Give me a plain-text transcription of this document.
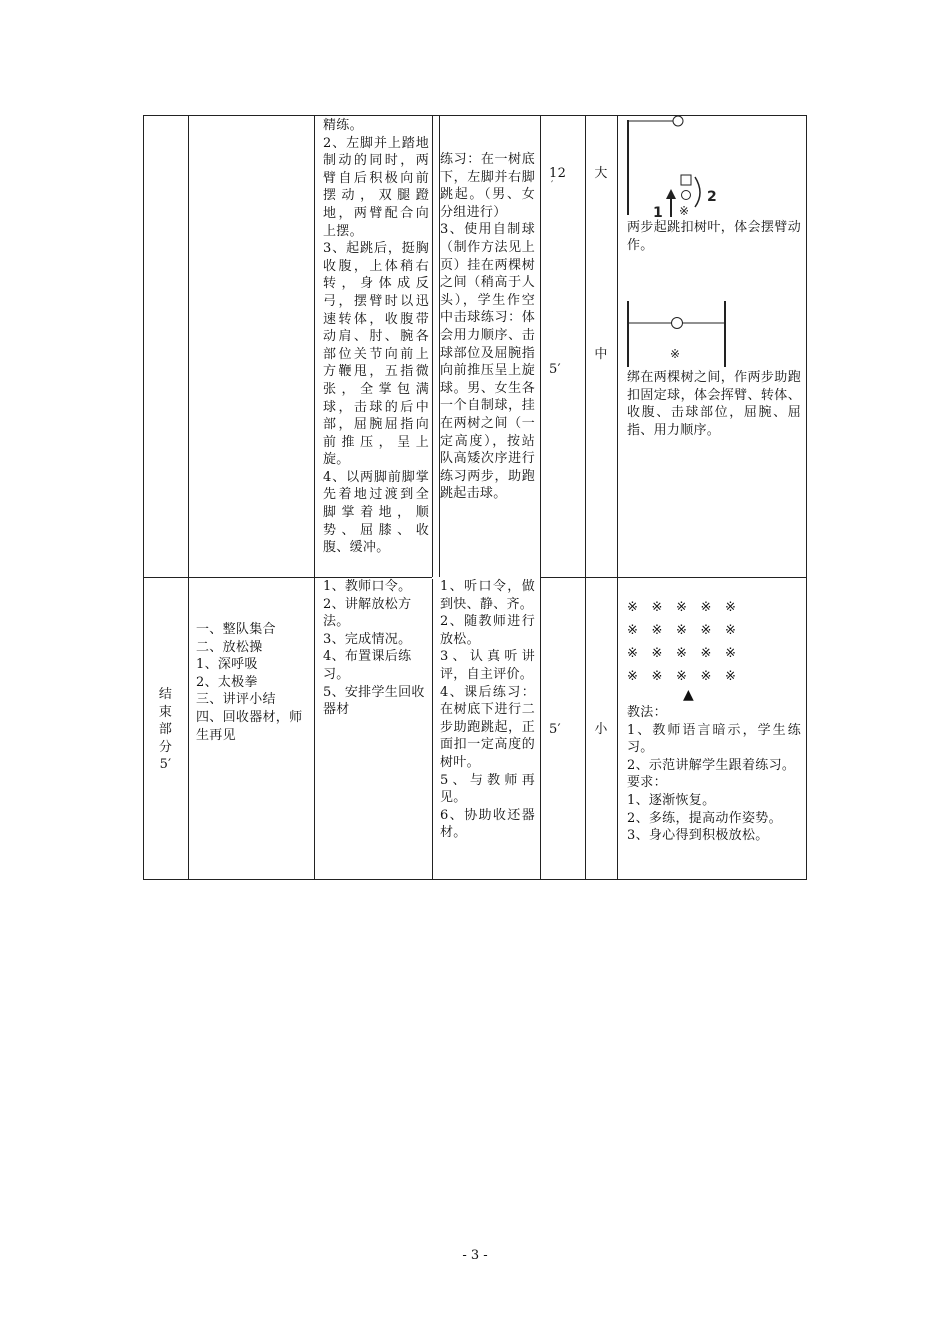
精练。
2、左脚并上踏地制动的同时，两臂自后积极向前摆动，双腿蹬地，两臂配合向上摆。
3、起跳后，挺胸收腹，上体稍右转，身体成反弓，摆臂时以迅速转体，收腹带动肩、肘、腕各部位关节向前上方鞭甩，五指微张，全掌包满球，击球的后中部，屈腕屈指向前推压，呈上旋。
4、以两脚前脚掌先着地过渡到全脚掌着地，顺势、屈膝、收腹、缓冲。
练习：在一树底下，左脚并右脚跳起。（男、女分组进行）
3、使用自制球（制作方法见上页）挂在两棵树之间（稍高于人头），学生作空中击球练习：体会用力顺序、击球部位及屈腕指向前推压呈上旋球。男、女生各一个自制球，挂在两树之间（一定高度），按站队高矮次序进行练习两步，助跑跳起击球。
12
′
5′
大
中
1
2
※
两步起跳扣树叶，体会摆臂动作。
※
绑在两棵树之间，作两步助跑扣固定球，体会挥臂、转体、收腹、击球部位，屈腕、屈指、用力顺序。
结
束
部
分
5′
一、整队集合
二、放松操
1、深呼吸
2、太极拳
三、讲评小结
四、回收器材，师生再见
1、教师口令。
2、讲解放松方法。
3、完成情况。
4、布置课后练习。
5、安排学生回收器材
1、听口令，做到快、静、齐。
2、随教师进行放松。
3、认真听讲评，自主评价。
4、课后练习：在树底下进行二步助跑跳起，正面扣一定高度的树叶。
5、与教师再见。
6、协助收还器材。
5′	小
※　※　※　※　※
※　※　※　※　※
※　※　※　※　※
※　※　※　※　※
▲
教法：
1、教师语言暗示，学生练习。
2、示范讲解学生跟着练习。
要求：
1、逐渐恢复。
2、多练，提高动作姿势。
3、身心得到积极放松。
- 3 -
